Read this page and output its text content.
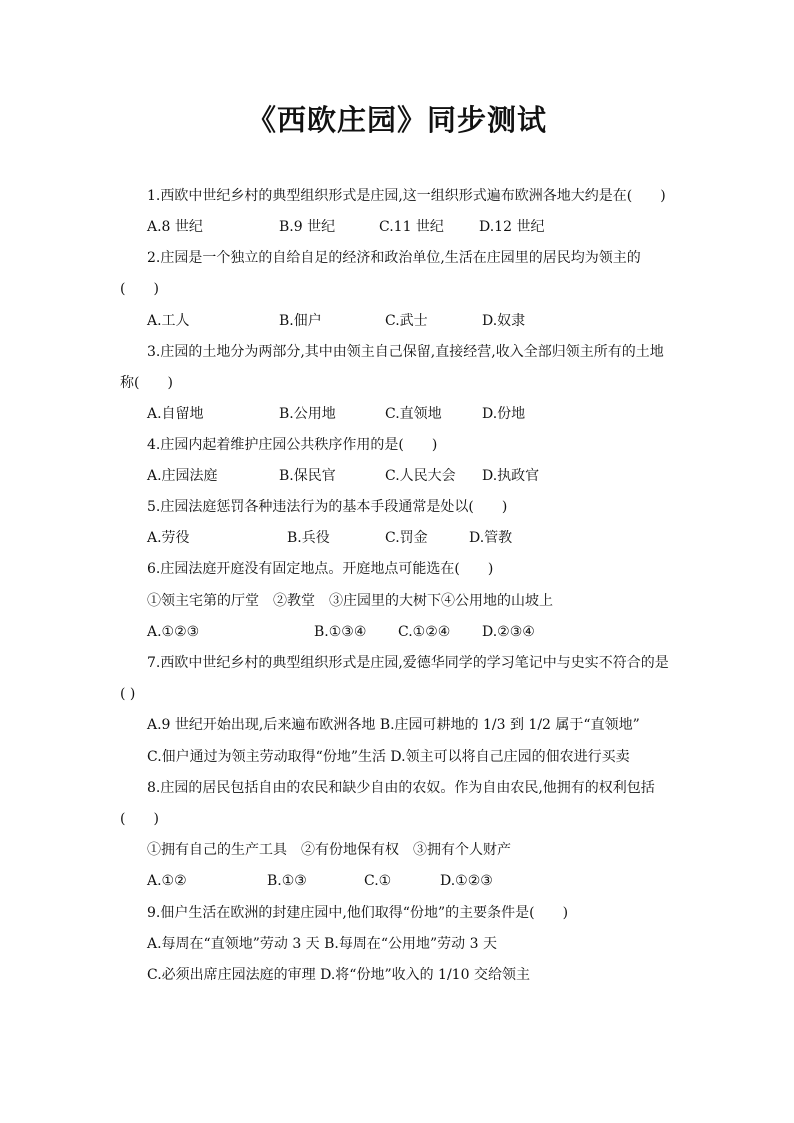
《西欧庄园》同步测试
1.西欧中世纪乡村的典型组织形式是庄园,这一组织形式遍布欧洲各地大约是在(　　)
A.8 世纪	B.9 世纪	C.11 世纪	D.12 世纪
2.庄园是一个独立的自给自足的经济和政治单位,生活在庄园里的居民均为领主的
(　　)
A.工人	B.佃户	C.武士	D.奴隶
3.庄园的土地分为两部分,其中由领主自己保留,直接经营,收入全部归领主所有的土地
称(　　)
A.自留地	B.公用地	C.直领地	D.份地
4.庄园内起着维护庄园公共秩序作用的是(　　)
A.庄园法庭	B.保民官	C.人民大会 D.执政官
5.庄园法庭惩罚各种违法行为的基本手段通常是处以(　　)
A.劳役	B.兵役	C.罚金	D.管教
6.庄园法庭开庭没有固定地点。开庭地点可能选在(　　)
①领主宅第的厅堂　②教堂　③庄园里的大树下④公用地的山坡上
A.①②③	B.①③④ C.①②④ D.②③④
7.西欧中世纪乡村的典型组织形式是庄园,爱德华同学的学习笔记中与史实不符合的是
( )
A.9 世纪开始出现,后来遍布欧洲各地 B.庄园可耕地的 1/3 到 1/2 属于“直领地”
C.佃户通过为领主劳动取得“份地”生活 D.领主可以将自己庄园的佃农进行买卖
8.庄园的居民包括自由的农民和缺少自由的农奴。作为自由农民,他拥有的权利包括
(　　)
①拥有自己的生产工具　②有份地保有权　③拥有个人财产
A.①②	B.①③	C.①	D.①②③
9.佃户生活在欧洲的封建庄园中,他们取得“份地”的主要条件是(　　)
A.每周在“直领地”劳动 3 天 B.每周在“公用地”劳动 3 天
C.必须出席庄园法庭的审理 D.将“份地”收入的 1/10 交给领主
